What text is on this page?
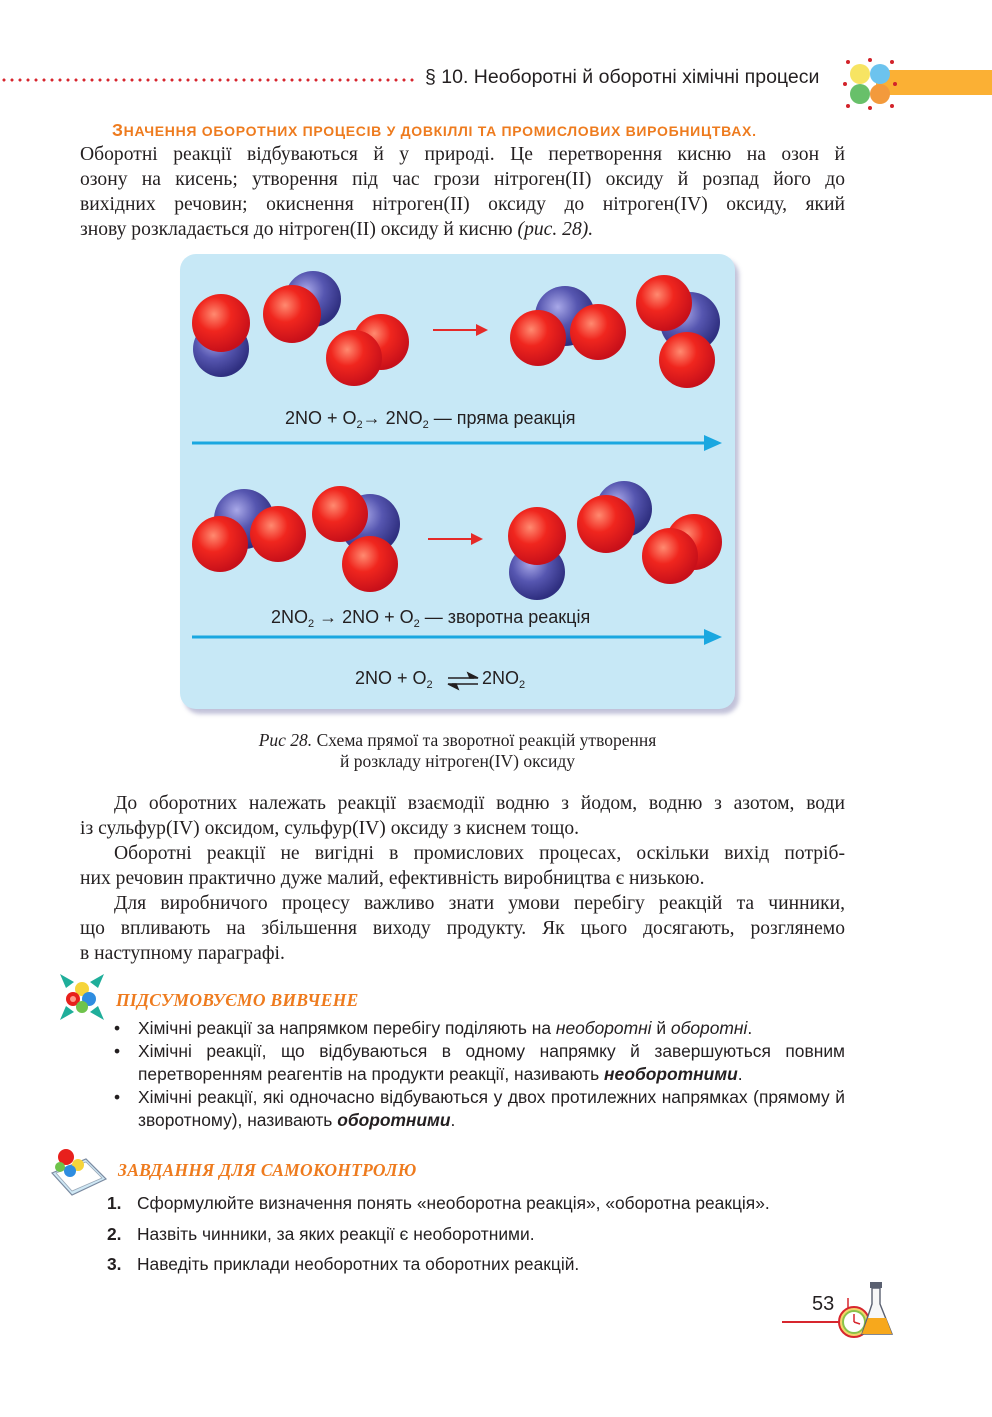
§ 10. Необоротні й оборотні хімічні процеси
ЗНАЧЕННЯ ОБОРОТНИХ ПРОЦЕСІВ У ДОВКІЛЛІ ТА ПРОМИСЛОВИХ ВИРОБНИЦТВАХ.
Оборотні реакції відбуваються й у природі. Це перетворення кисню на озон й
озону на кисень; утворення під час грози нітроген(II) оксиду й розпад його до
вихідних речовин; окиснення нітроген(II) оксиду до нітроген(IV) оксиду, який
знову розкладається до нітроген(II) оксиду й кисню (рис. 28).
$2NO + O_2\to 2NO_2$ — пряма реакція
$2NO_2 \to 2NO + O_2$ — зворотна реакція
$2NO + O_2$	$2NO_2$
Рис 28. Схема прямої та зворотної реакцій утворення
й розкладу нітроген(IV) оксиду
До оборотних належать реакції взаємодії водню з йодом, водню з азотом, води
із сульфур(IV) оксидом, сульфур(IV) оксиду з киснем тощо.
Оборотні реакції не вигідні в промислових процесах, оскільки вихід потріб-
них речовин практично дуже малий, ефективність виробництва є низькою.
Для виробничого процесу важливо знати умови перебігу реакцій та чинники,
що впливають на збільшення виходу продукту. Як цього досягають, розглянемо
в наступному параграфі.
ПІДСУМОВУЄМО ВИВЧЕНЕ
• Хімічні реакції за напрямком перебігу поділяють на необоротні й оборотні.
• Хімічні реакції, що відбуваються в одному напрямку й завершуються повним перетворенням реагентів на продукти реакції, називають необоротними.
• Хімічні реакції, які одночасно відбуваються у двох протилежних напрямках (прямому й зворотному), називають оборотними.
ЗАВДАННЯ ДЛЯ САМОКОНТРОЛЮ
1. Сформулюйте визначення понять «необоротна реакція», «оборотна реакція».
2. Назвіть чинники, за яких реакції є необоротними.
3. Наведіть приклади необоротних та оборотних реакцій.
53
